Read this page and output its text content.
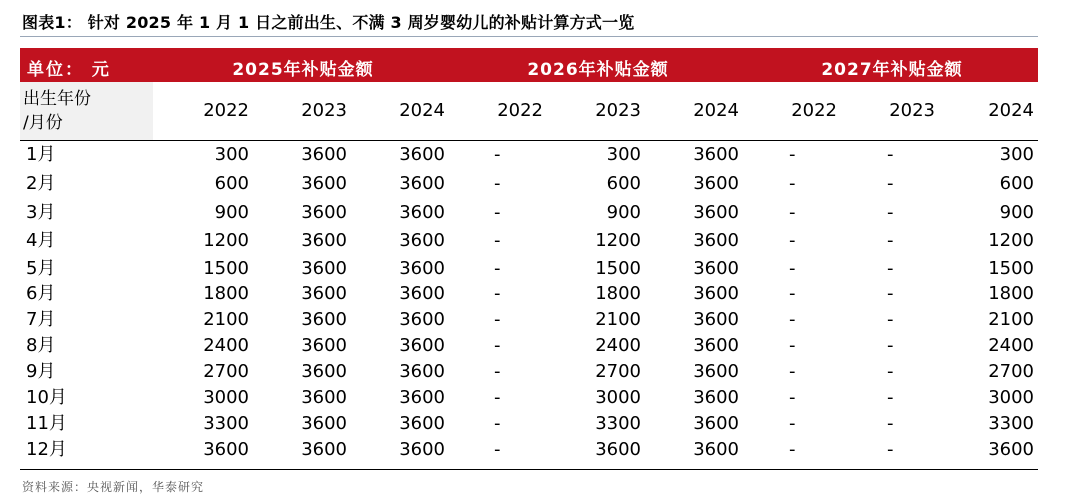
图表1： 针对 2025 年 1 月 1 日之前出生、不满 3 周岁婴幼儿的补贴计算方式一览
单位： 元	2025年补贴金额	2026年补贴金额	2027年补贴金额
出生年份
/月份
2022	2023	2024	2022	2023	2024	2022	2023	2024
1月	300	3600	3600	-	300	3600	-	-	300
2月	600	3600	3600	-	600	3600	-	-	600
3月	900	3600	3600	-	900	3600	-	-	900
4月	1200	3600	3600	-	1200	3600	-	-	1200
5月	1500	3600	3600	-	1500	3600	-	-	1500
6月	1800	3600	3600	-	1800	3600	-	-	1800
7月	2100	3600	3600	-	2100	3600	-	-	2100
8月	2400	3600	3600	-	2400	3600	-	-	2400
9月	2700	3600	3600	-	2700	3600	-	-	2700
10月	3000	3600	3600	-	3000	3600	-	-	3000
11月	3300	3600	3600	-	3300	3600	-	-	3300
12月	3600	3600	3600	-	3600	3600	-	-	3600
资料来源：央视新闻，华泰研究
